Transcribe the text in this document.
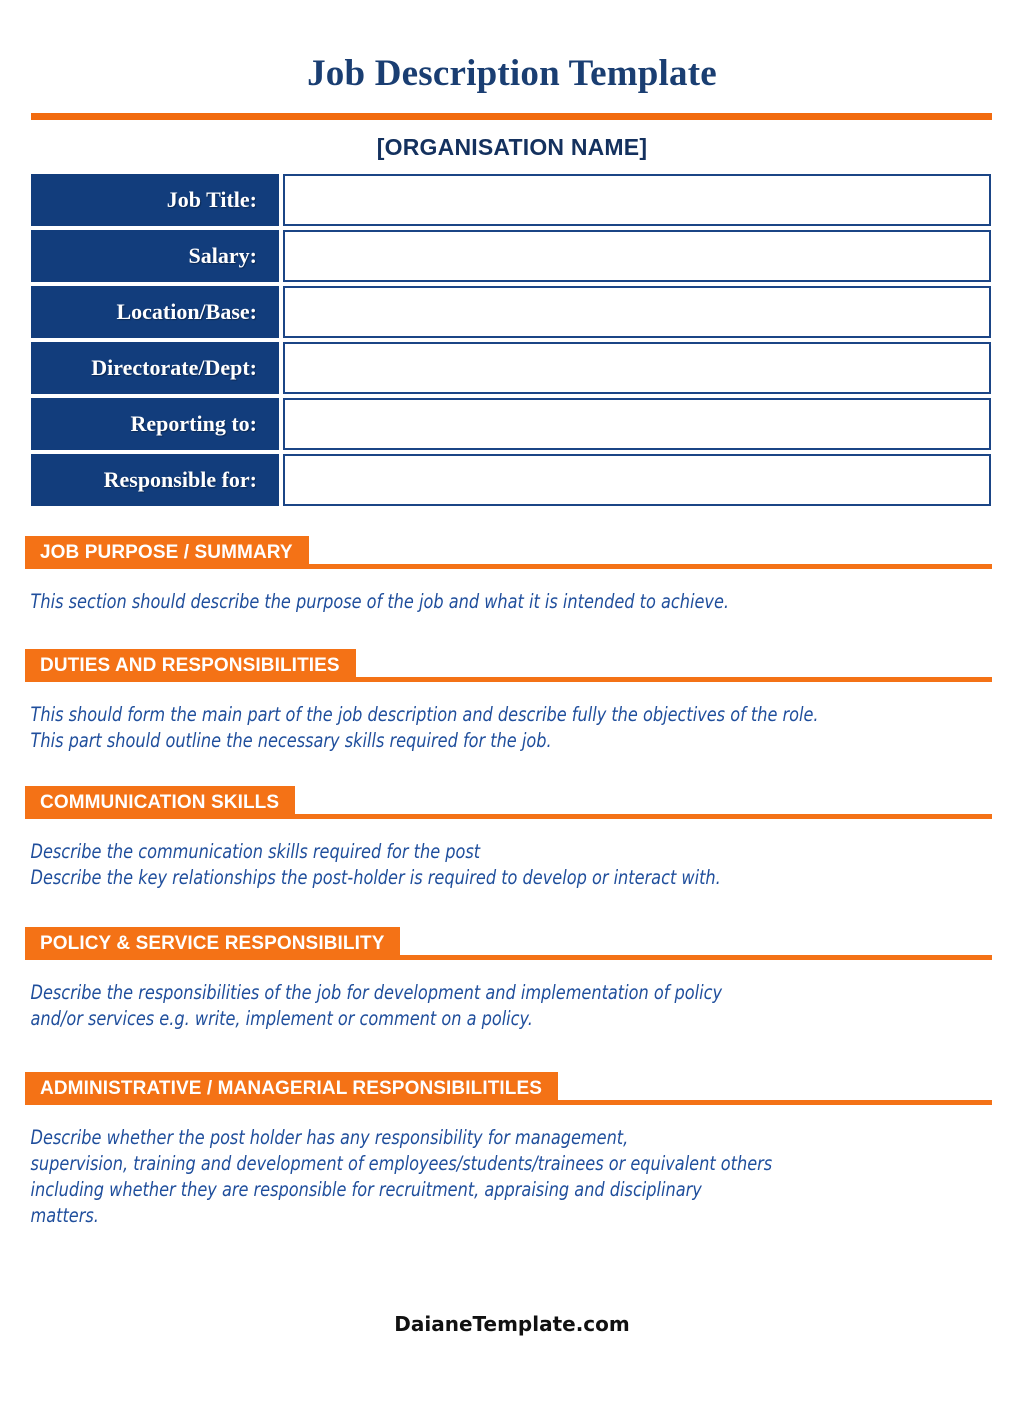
Job Description Template
[ORGANISATION NAME]
Job Title:
Salary:
Location/Base:
Directorate/Dept:
Reporting to:
Responsible for:
JOB PURPOSE / SUMMARY
This section should describe the purpose of the job and what it is intended to achieve.
DUTIES AND RESPONSIBILITIES
This should form the main part of the job description and describe fully the objectives of the role.
This part should outline the necessary skills required for the job.
COMMUNICATION SKILLS
Describe the communication skills required for the post
Describe the key relationships the post-holder is required to develop or interact with.
POLICY & SERVICE RESPONSIBILITY
Describe the responsibilities of the job for development and implementation of policy
and/or services e.g. write, implement or comment on a policy.
ADMINISTRATIVE / MANAGERIAL RESPONSIBILITILES
Describe whether the post holder has any responsibility for management,
supervision, training and development of employees/students/trainees or equivalent others
including whether they are responsible for recruitment, appraising and disciplinary
matters.
DaianeTemplate.com
